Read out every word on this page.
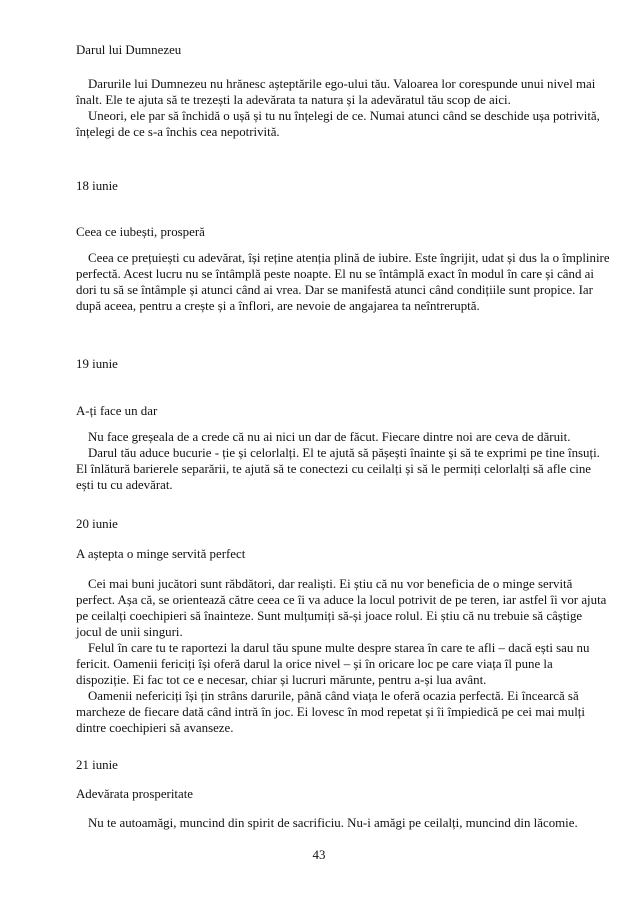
Darul lui Dumnezeu
Darurile lui Dumnezeu nu hrănesc așteptările ego-ului tău. Valoarea lor corespunde unui nivel mai
înalt. Ele te ajuta să te trezești la adevărata ta natura și la adevăratul tău scop de aici.
Uneori, ele par să închidă o ușă și tu nu înțelegi de ce. Numai atunci când se deschide ușa potrivită,
înțelegi de ce s-a închis cea nepotrivită.
18 iunie
Ceea ce iubești, prosperă
Ceea ce prețuiești cu adevărat, își reține atenția plină de iubire. Este îngrijit, udat și dus la o împlinire
perfectă. Acest lucru nu se întâmplă peste noapte. El nu se întâmplă exact în modul în care și când ai
dori tu să se întâmple și atunci când ai vrea. Dar se manifestă atunci când condițiile sunt propice. Iar
după aceea, pentru a crește și a înflori, are nevoie de angajarea ta neîntreruptă.
19 iunie
A-ți face un dar
Nu face greșeala de a crede că nu ai nici un dar de făcut. Fiecare dintre noi are ceva de dăruit.
Darul tău aduce bucurie - ție și celorlalți. El te ajută să pășești înainte și să te exprimi pe tine însuți.
El înlătură barierele separării, te ajută să te conectezi cu ceilalți și să le permiți celorlalți să afle cine
ești tu cu adevărat.
20 iunie
A aștepta o minge servită perfect
Cei mai buni jucători sunt răbdători, dar realiști. Ei știu că nu vor beneficia de o minge servită
perfect. Așa că, se orientează către ceea ce îi va aduce la locul potrivit de pe teren, iar astfel îi vor ajuta
pe ceilalți coechipieri să înainteze. Sunt mulțumiți să-și joace rolul. Ei știu că nu trebuie să câștige
jocul de unii singuri.
Felul în care tu te raportezi la darul tău spune multe despre starea în care te afli – dacă ești sau nu
fericit. Oamenii fericiți își oferă darul la orice nivel – și în oricare loc pe care viața îl pune la
dispoziție. Ei fac tot ce e necesar, chiar și lucruri mărunte, pentru a-și lua avânt.
Oamenii nefericiți își țin strâns darurile, până când viața le oferă ocazia perfectă. Ei încearcă să
marcheze de fiecare dată când intră în joc. Ei lovesc în mod repetat și îi împiedică pe cei mai mulți
dintre coechipieri să avanseze.
21 iunie
Adevărata prosperitate
Nu te autoamăgi, muncind din spirit de sacrificiu. Nu-i amăgi pe ceilalți, muncind din lăcomie.
43
